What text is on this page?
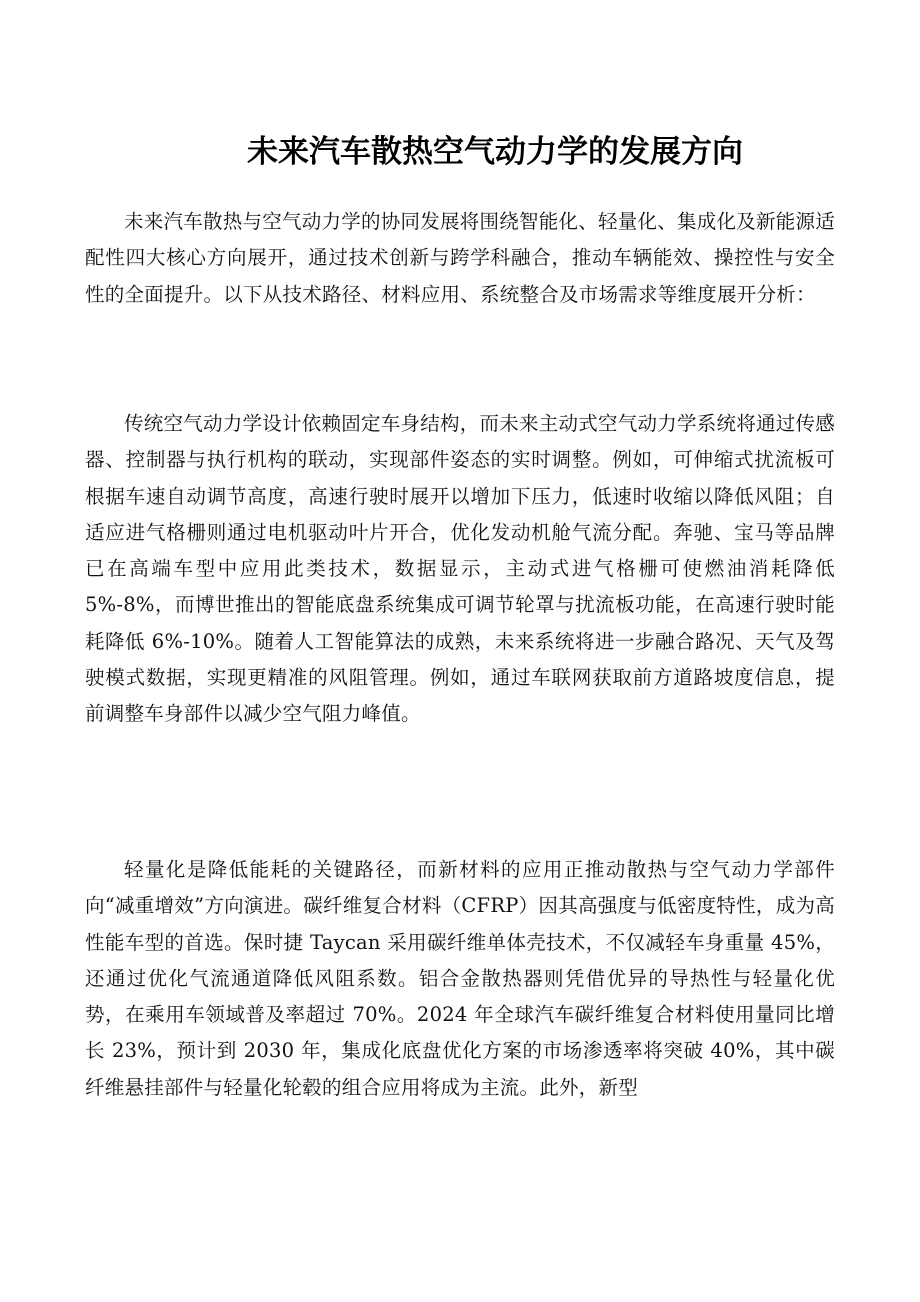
未来汽车散热空气动力学的发展方向

未来汽车散热与空气动力学的协同发展将围绕智能化、轻量化、集成化及新能源适配性四大核心方向展开，通过技术创新与跨学科融合，推动车辆能效、操控性与安全性的全面提升。以下从技术路径、材料应用、系统整合及市场需求等维度展开分析：

传统空气动力学设计依赖固定车身结构，而未来主动式空气动力学系统将通过传感器、控制器与执行机构的联动，实现部件姿态的实时调整。例如，可伸缩式扰流板可根据车速自动调节高度，高速行驶时展开以增加下压力，低速时收缩以降低风阻；自适应进气格栅则通过电机驱动叶片开合，优化发动机舱气流分配。奔驰、宝马等品牌已在高端车型中应用此类技术，数据显示，主动式进气格栅可使燃油消耗降低 5%-8%，而博世推出的智能底盘系统集成可调节轮罩与扰流板功能，在高速行驶时能耗降低 6%-10%。随着人工智能算法的成熟，未来系统将进一步融合路况、天气及驾驶模式数据，实现更精准的风阻管理。例如，通过车联网获取前方道路坡度信息，提前调整车身部件以减少空气阻力峰值。

轻量化是降低能耗的关键路径，而新材料的应用正推动散热与空气动力学部件向“减重增效”方向演进。碳纤维复合材料（CFRP）因其高强度与低密度特性，成为高性能车型的首选。保时捷 Taycan 采用碳纤维单体壳技术，不仅减轻车身重量 45%，还通过优化气流通道降低风阻系数。铝合金散热器则凭借优异的导热性与轻量化优势，在乘用车领域普及率超过 70%。2024 年全球汽车碳纤维复合材料使用量同比增长 23%，预计到 2030 年，集成化底盘优化方案的市场渗透率将突破 40%，其中碳纤维悬挂部件与轻量化轮毂的组合应用将成为主流。此外，新型
